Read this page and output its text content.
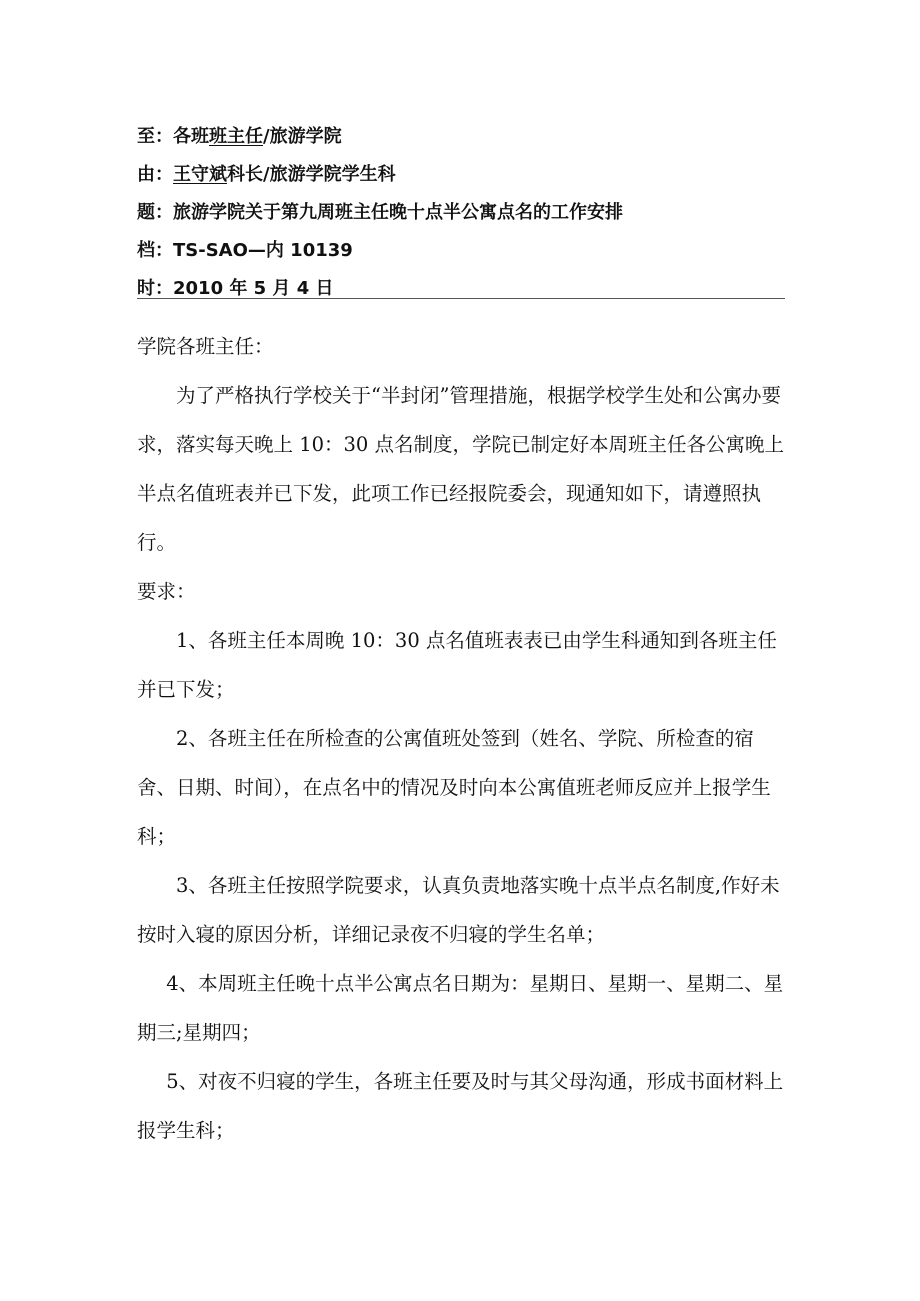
至：各班班主任/旅游学院
由：王守斌科长/旅游学院学生科
题：旅游学院关于第九周班主任晚十点半公寓点名的工作安排
档：TS-SAO—内 10139
时：2010 年 5 月 4 日

学院各班主任：

为了严格执行学校关于“半封闭”管理措施，根据学校学生处和公寓办要求，落实每天晚上 10：30 点名制度，学院已制定好本周班主任各公寓晚上半点名值班表并已下发，此项工作已经报院委会，现通知如下，请遵照执行。

要求：

1、各班主任本周晚 10：30 点名值班表表已由学生科通知到各班主任并已下发；

2、各班主任在所检查的公寓值班处签到（姓名、学院、所检查的宿舍、日期、时间），在点名中的情况及时向本公寓值班老师反应并上报学生科；

3、各班主任按照学院要求，认真负责地落实晚十点半点名制度,作好未按时入寝的原因分析，详细记录夜不归寝的学生名单；

4、本周班主任晚十点半公寓点名日期为：星期日、星期一、星期二、星期三;星期四；

5、对夜不归寝的学生，各班主任要及时与其父母沟通，形成书面材料上报学生科；
